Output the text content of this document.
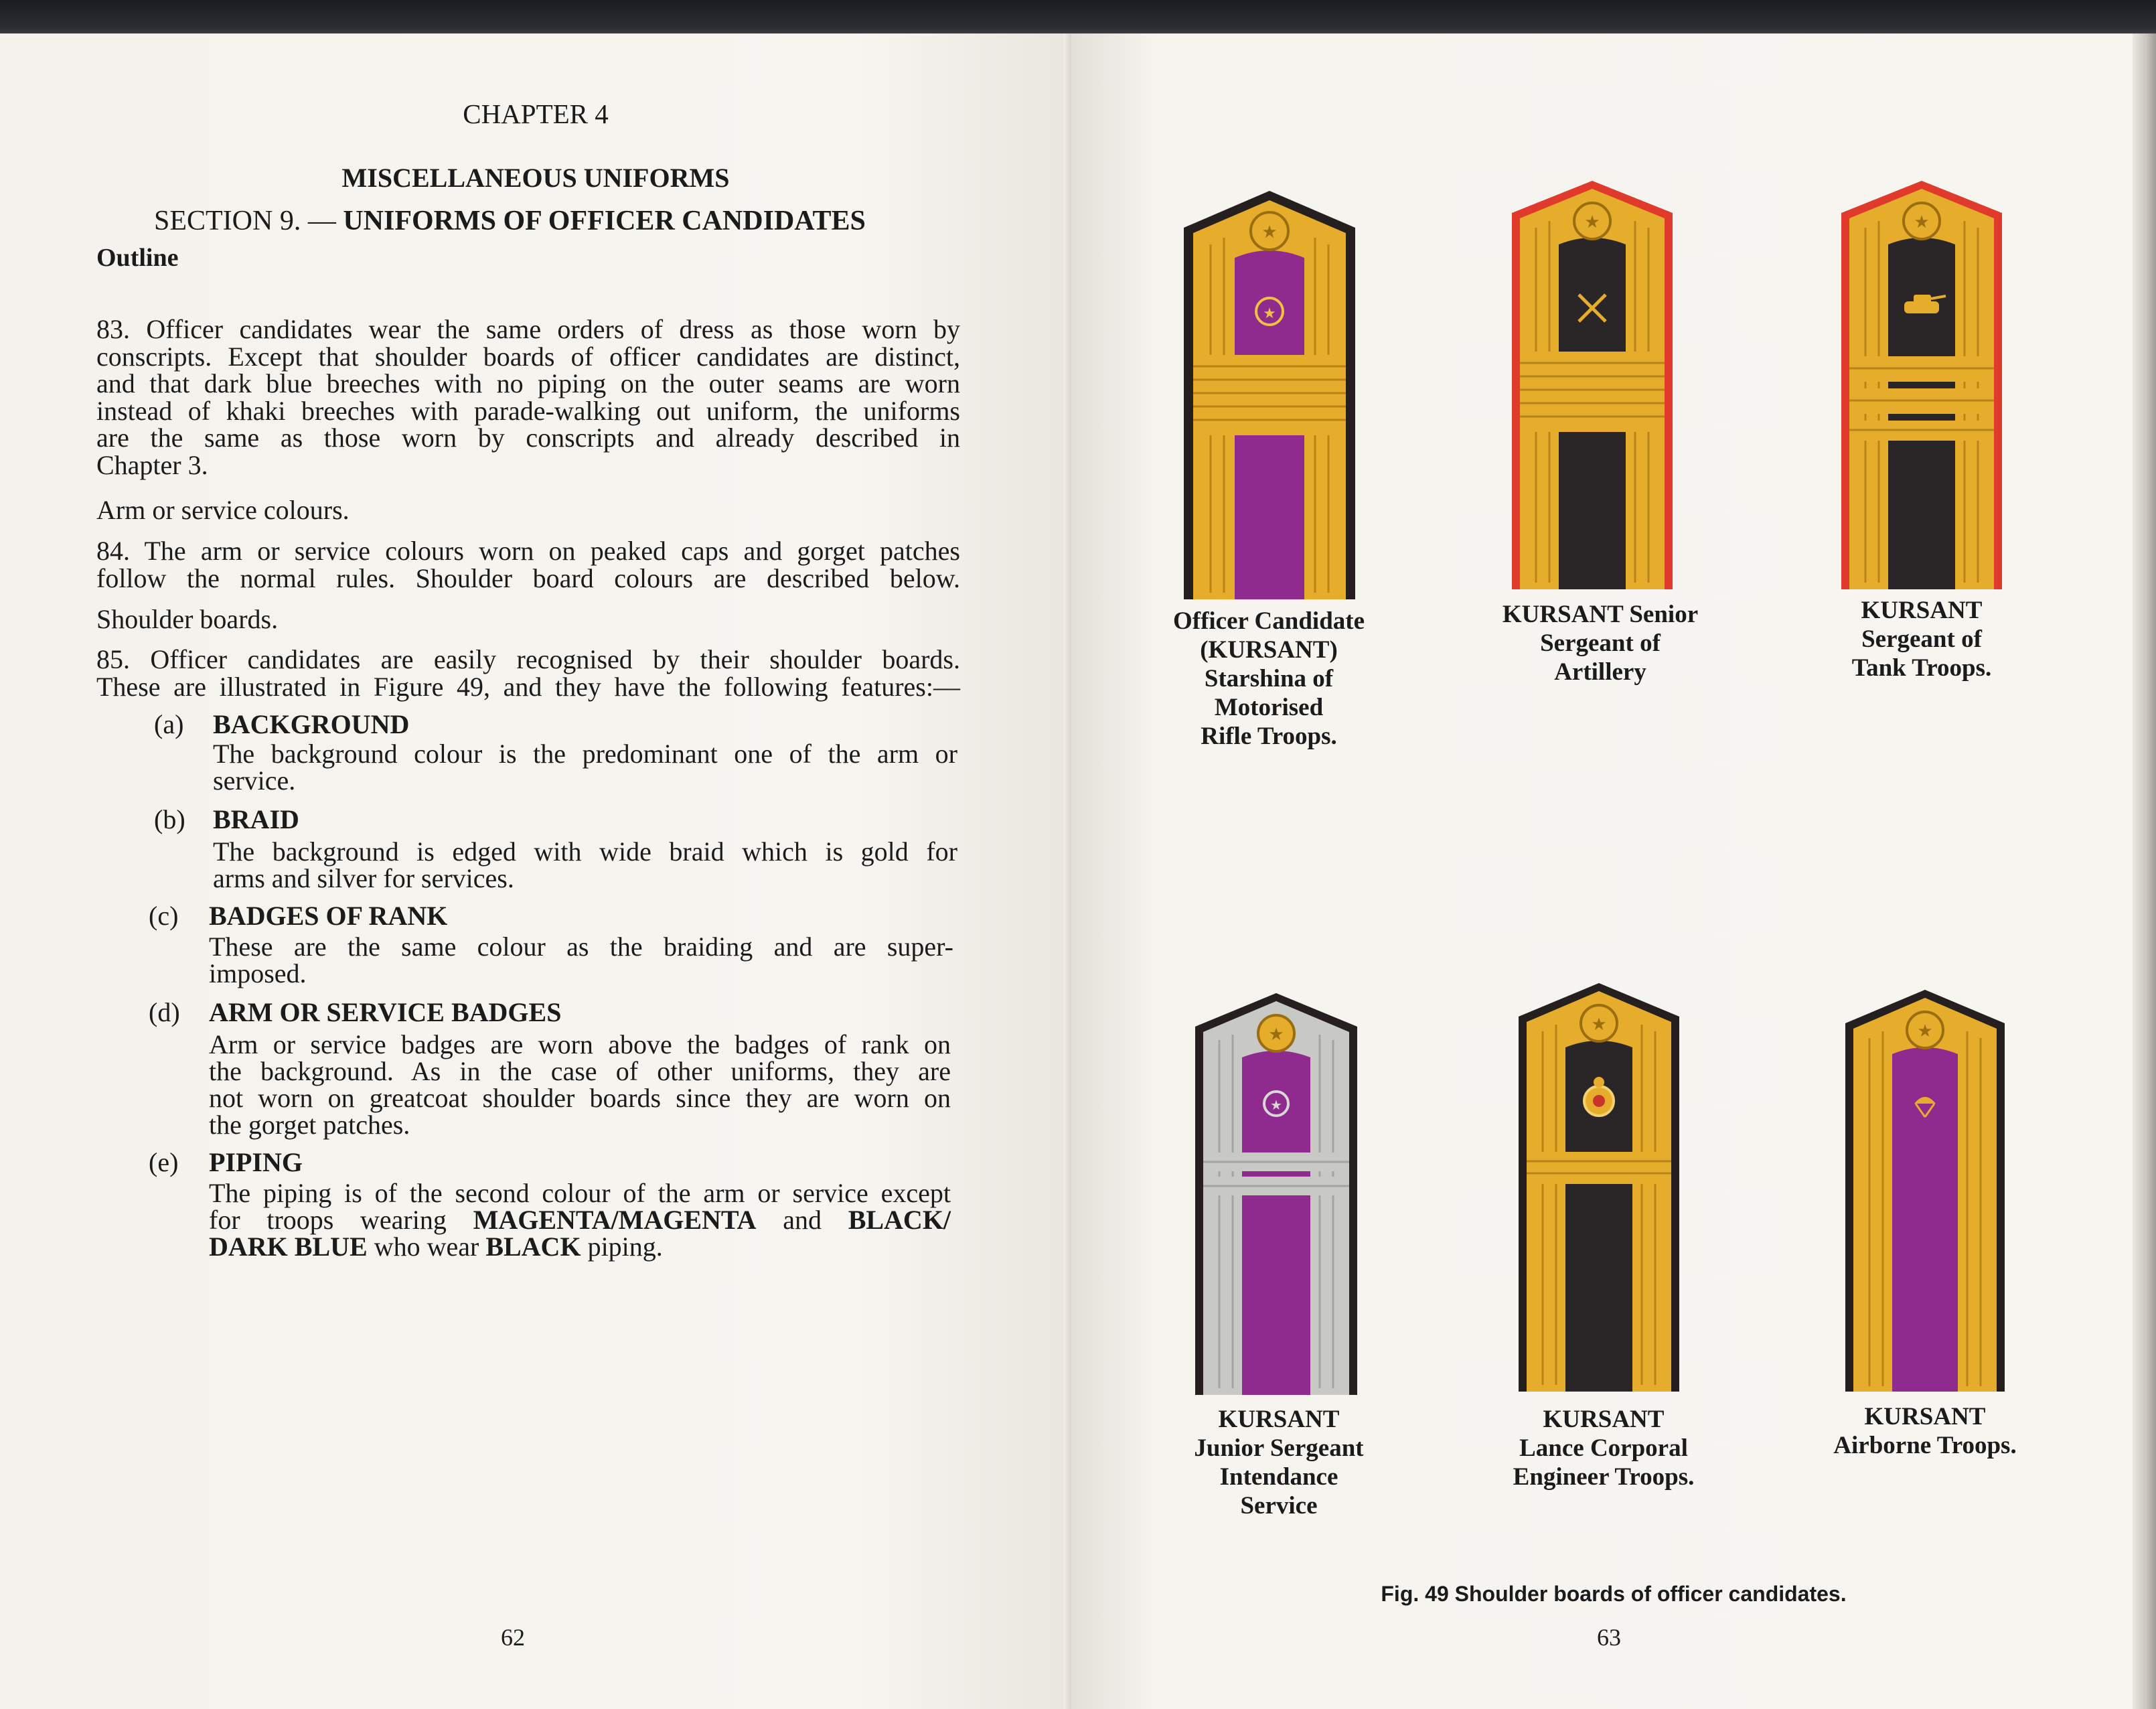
CHAPTER 4
MISCELLANEOUS UNIFORMS
SECTION 9. — UNIFORMS OF OFFICER CANDIDATES
Outline
83. Officer candidates wear the same orders of dress as those worn by
conscripts. Except that shoulder boards of officer candidates are distinct,
and that dark blue breeches with no piping on the outer seams are worn
instead of khaki breeches with parade-walking out uniform, the uniforms
are the same as those worn by conscripts and already described in
Chapter 3.
Arm or service colours.
84. The arm or service colours worn on peaked caps and gorget patches
follow the normal rules. Shoulder board colours are described below.
Shoulder boards.
85. Officer candidates are easily recognised by their shoulder boards.
These are illustrated in Figure 49, and they have the following features:—
(a) BACKGROUND
The background colour is the predominant one of the arm or
service.
(b) BRAID
The background is edged with wide braid which is gold for
arms and silver for services.
(c) BADGES OF RANK
These are the same colour as the braiding and are super-
imposed.
(d) ARM OR SERVICE BADGES
Arm or service badges are worn above the badges of rank on
the background. As in the case of other uniforms, they are
not worn on greatcoat shoulder boards since they are worn on
the gorget patches.
(e) PIPING
The piping is of the second colour of the arm or service except
for troops wearing MAGENTA/MAGENTA and BLACK/
DARK BLUE who wear BLACK piping.
62
★
★
★	★
★
★
★	★
Officer Candidate
(KURSANT)
Starshina of
Motorised
Rifle Troops.
KURSANT Senior
Sergeant of
Artillery
KURSANT
Sergeant of
Tank Troops.
KURSANT
Junior Sergeant
Intendance
Service
KURSANT
Lance Corporal
Engineer Troops.
KURSANT
Airborne Troops.
Fig. 49 Shoulder boards of officer candidates.
63
